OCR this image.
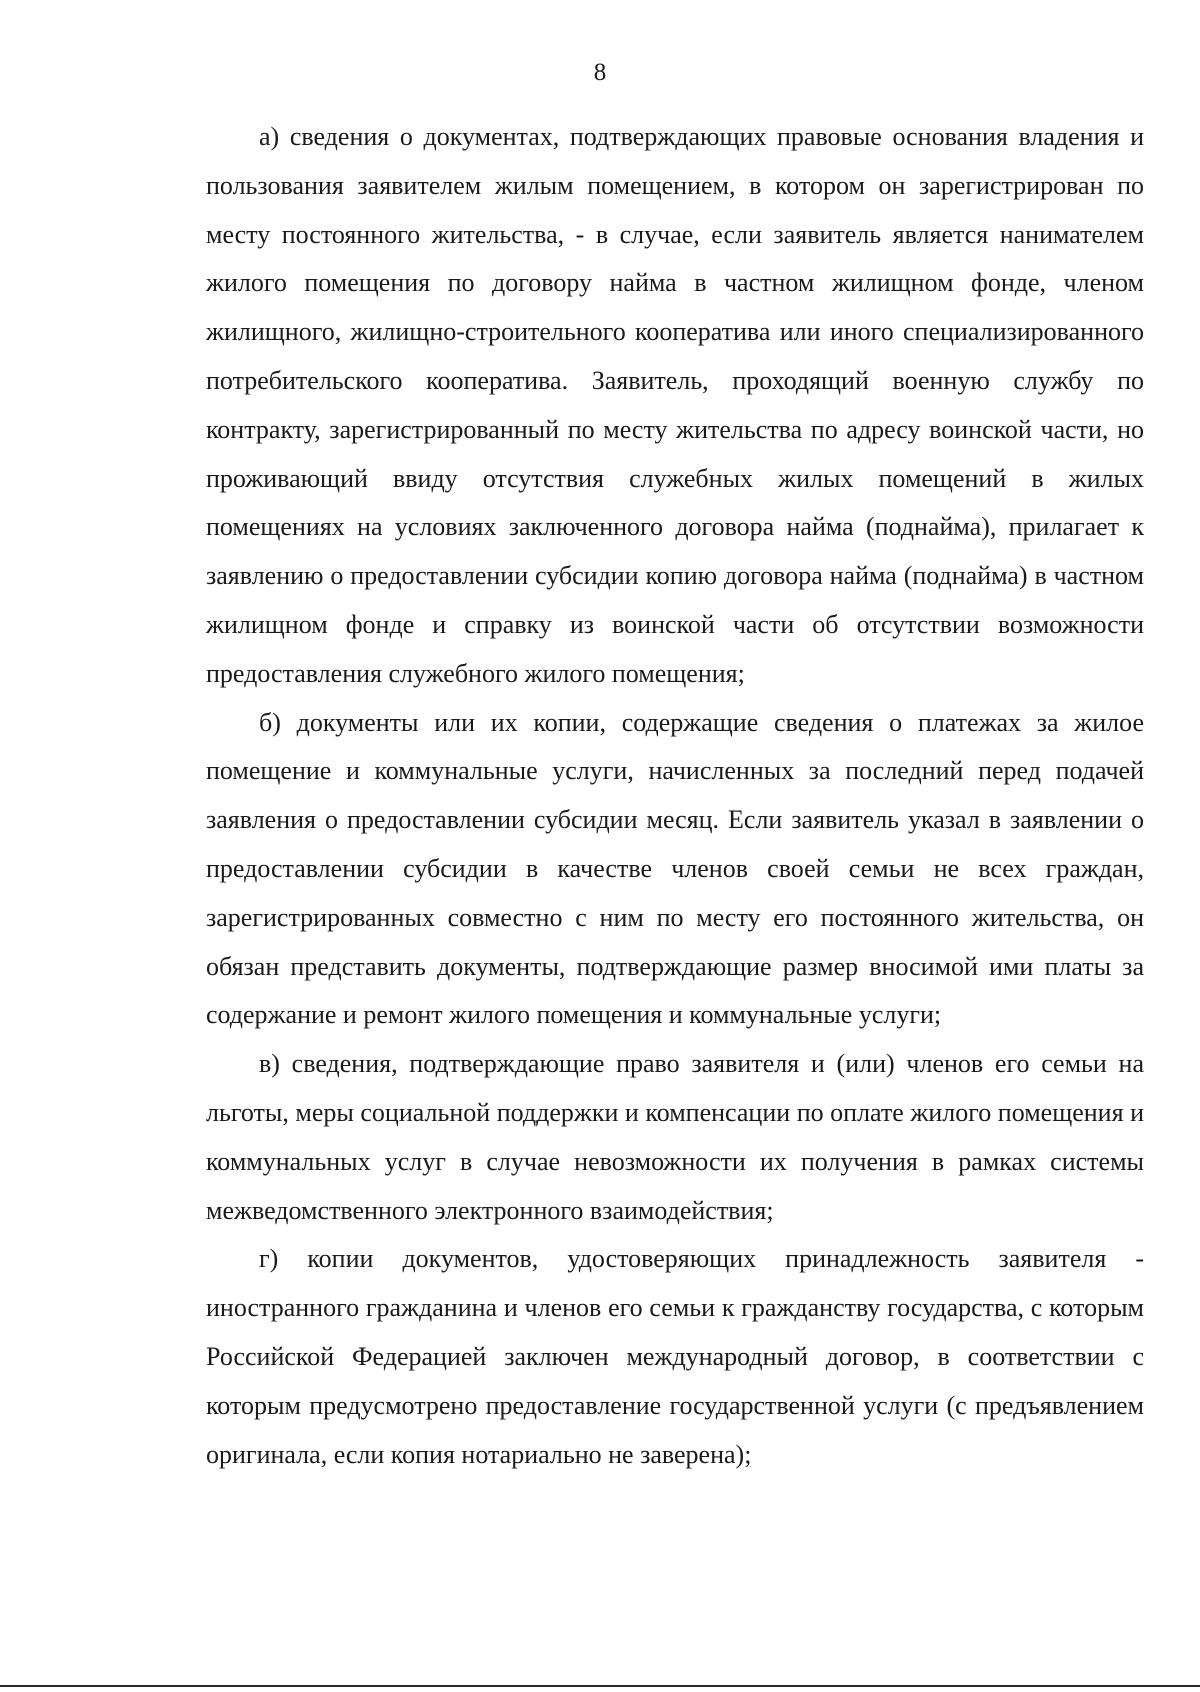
8

а) сведения о документах, подтверждающих правовые основания владения и пользования заявителем жилым помещением, в котором он зарегистрирован по месту постоянного жительства, - в случае, если заявитель является нанимателем жилого помещения по договору найма в частном жилищном фонде, членом жилищного, жилищно-строительного кооператива или иного специализированного потребительского кооператива. Заявитель, проходящий военную службу по контракту, зарегистрированный по месту жительства по адресу воинской части, но проживающий ввиду отсутствия служебных жилых помещений в жилых помещениях на условиях заключенного договора найма (поднайма), прилагает к заявлению о предоставлении субсидии копию договора найма (поднайма) в частном жилищном фонде и справку из воинской части об отсутствии возможности предоставления служебного жилого помещения;

б) документы или их копии, содержащие сведения о платежах за жилое помещение и коммунальные услуги, начисленных за последний перед подачей заявления о предоставлении субсидии месяц. Если заявитель указал в заявлении о предоставлении субсидии в качестве членов своей семьи не всех граждан, зарегистрированных совместно с ним по месту его постоянного жительства, он обязан представить документы, подтверждающие размер вносимой ими платы за содержание и ремонт жилого помещения и коммунальные услуги;

в) сведения, подтверждающие право заявителя и (или) членов его семьи на льготы, меры социальной поддержки и компенсации по оплате жилого помещения и коммунальных услуг в случае невозможности их получения в рамках системы межведомственного электронного взаимодействия;

г) копии документов, удостоверяющих принадлежность заявителя - иностранного гражданина и членов его семьи к гражданству государства, с которым Российской Федерацией заключен международный договор, в соответствии с которым предусмотрено предоставление государственной услуги (с предъявлением оригинала, если копия нотариально не заверена);
